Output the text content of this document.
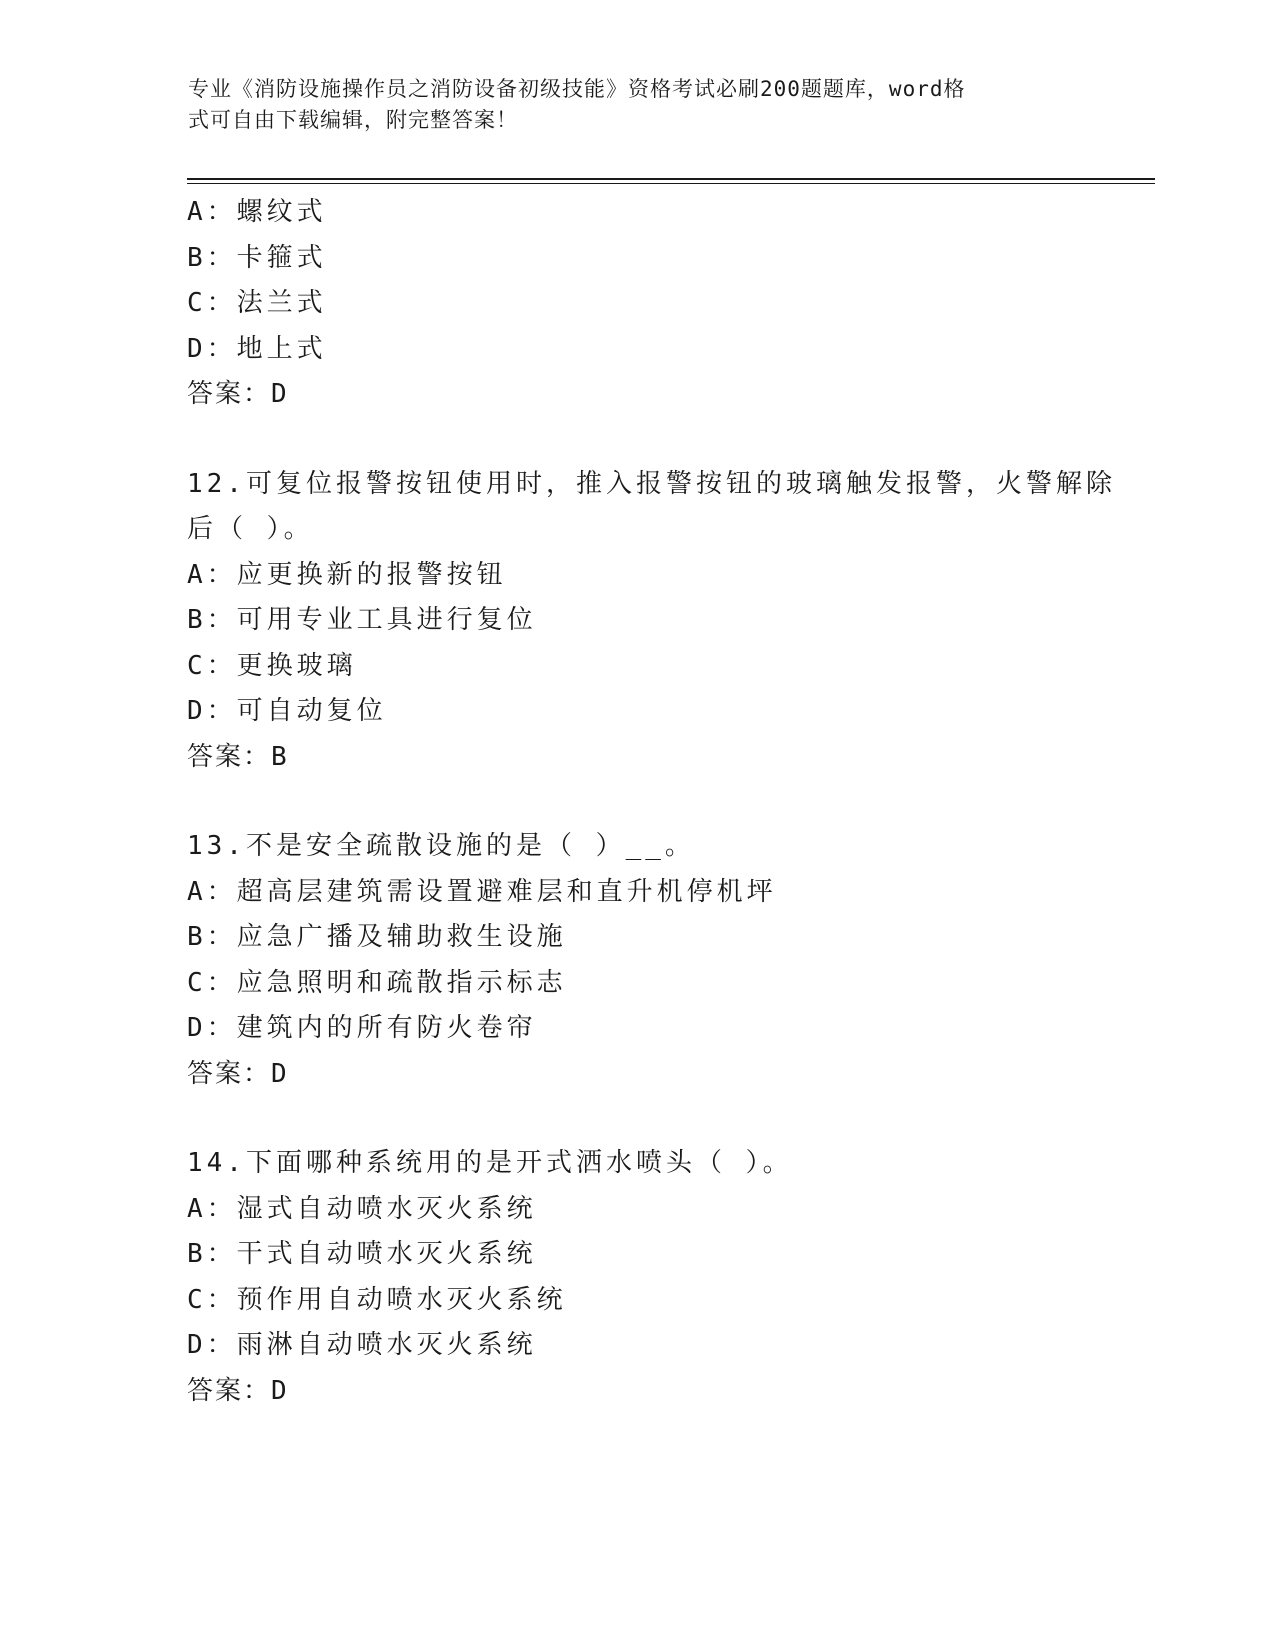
专业《消防设施操作员之消防设备初级技能》资格考试必刷200题题库，word格
式可自由下载编辑，附完整答案！

A：螺纹式

B：卡箍式

C：法兰式

D：地上式

答案：D

12.可复位报警按钮使用时，推入报警按钮的玻璃触发报警，火警解除

后（ ）。

A：应更换新的报警按钮

B：可用专业工具进行复位

C：更换玻璃

D：可自动复位

答案：B

13.不是安全疏散设施的是（ ）__。

A：超高层建筑需设置避难层和直升机停机坪

B：应急广播及辅助救生设施

C：应急照明和疏散指示标志

D：建筑内的所有防火卷帘

答案：D

14.下面哪种系统用的是开式洒水喷头（ ）。

A：湿式自动喷水灭火系统

B：干式自动喷水灭火系统

C：预作用自动喷水灭火系统

D：雨淋自动喷水灭火系统

答案：D
